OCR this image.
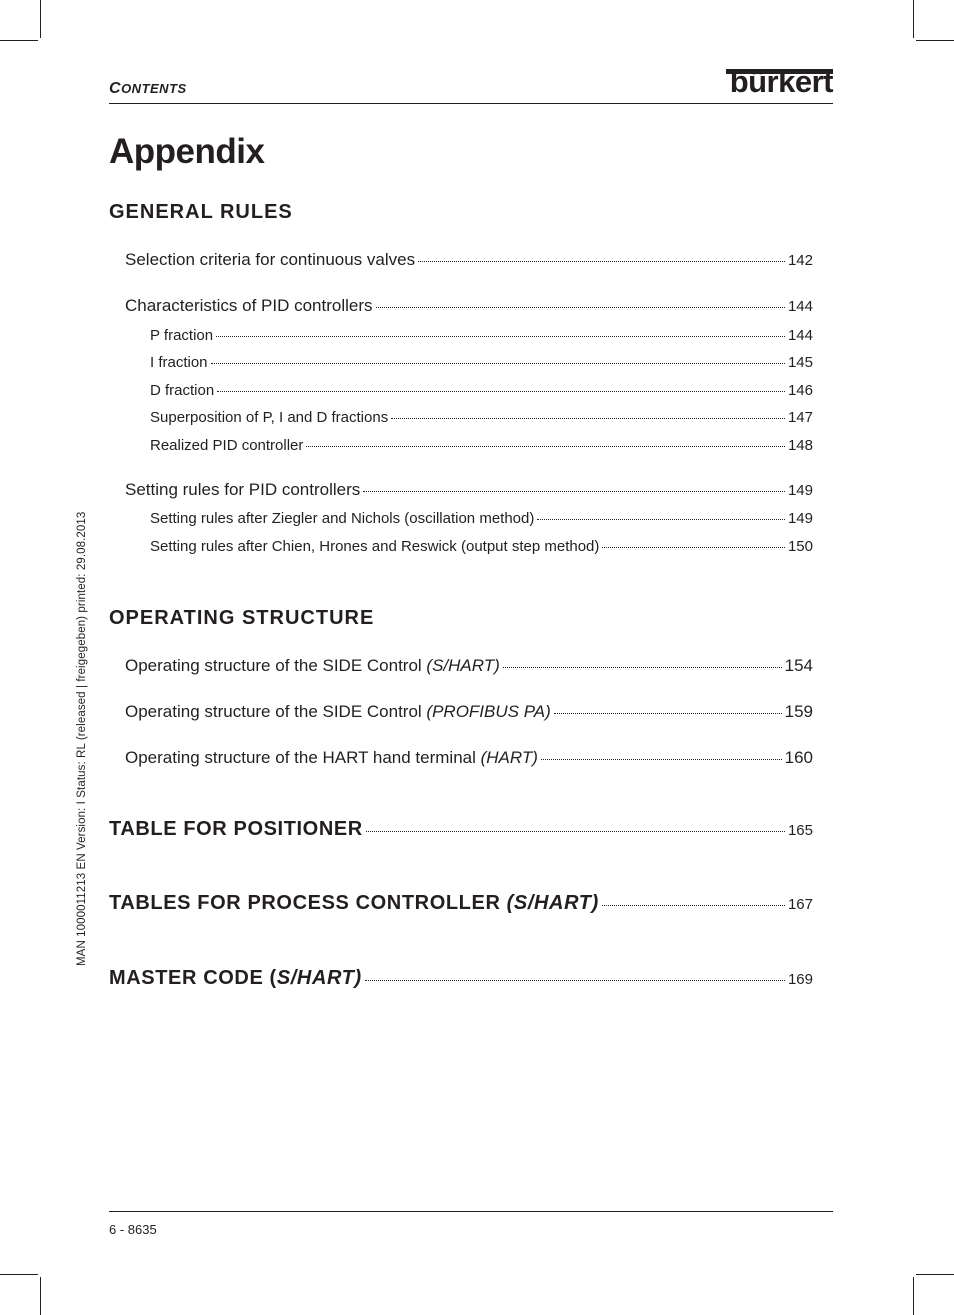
CONTENTS	bürkert
Appendix
GENERAL RULES
Selection criteria for continuous valves	142
Characteristics of PID controllers	144
P fraction	144
I fraction	145
D fraction	146
Superposition of P, I and D fractions	147
Realized PID controller	148
Setting rules for PID controllers	149
Setting rules after Ziegler and Nichols (oscillation method)	149
Setting rules after Chien, Hrones and Reswick (output step method)	150
OPERATING STRUCTURE
Operating structure of the SIDE Control (S/HART)	154
Operating structure of the SIDE Control (PROFIBUS PA)	159
Operating structure of the HART hand terminal (HART)	160
TABLE FOR POSITIONER	165
TABLES FOR PROCESS CONTROLLER (S/HART)	167
MASTER CODE (S/HART)	169
MAN 1000011213 EN Version: I Status: RL (released | freigegeben) printed: 29.08.2013
6 - 8635
